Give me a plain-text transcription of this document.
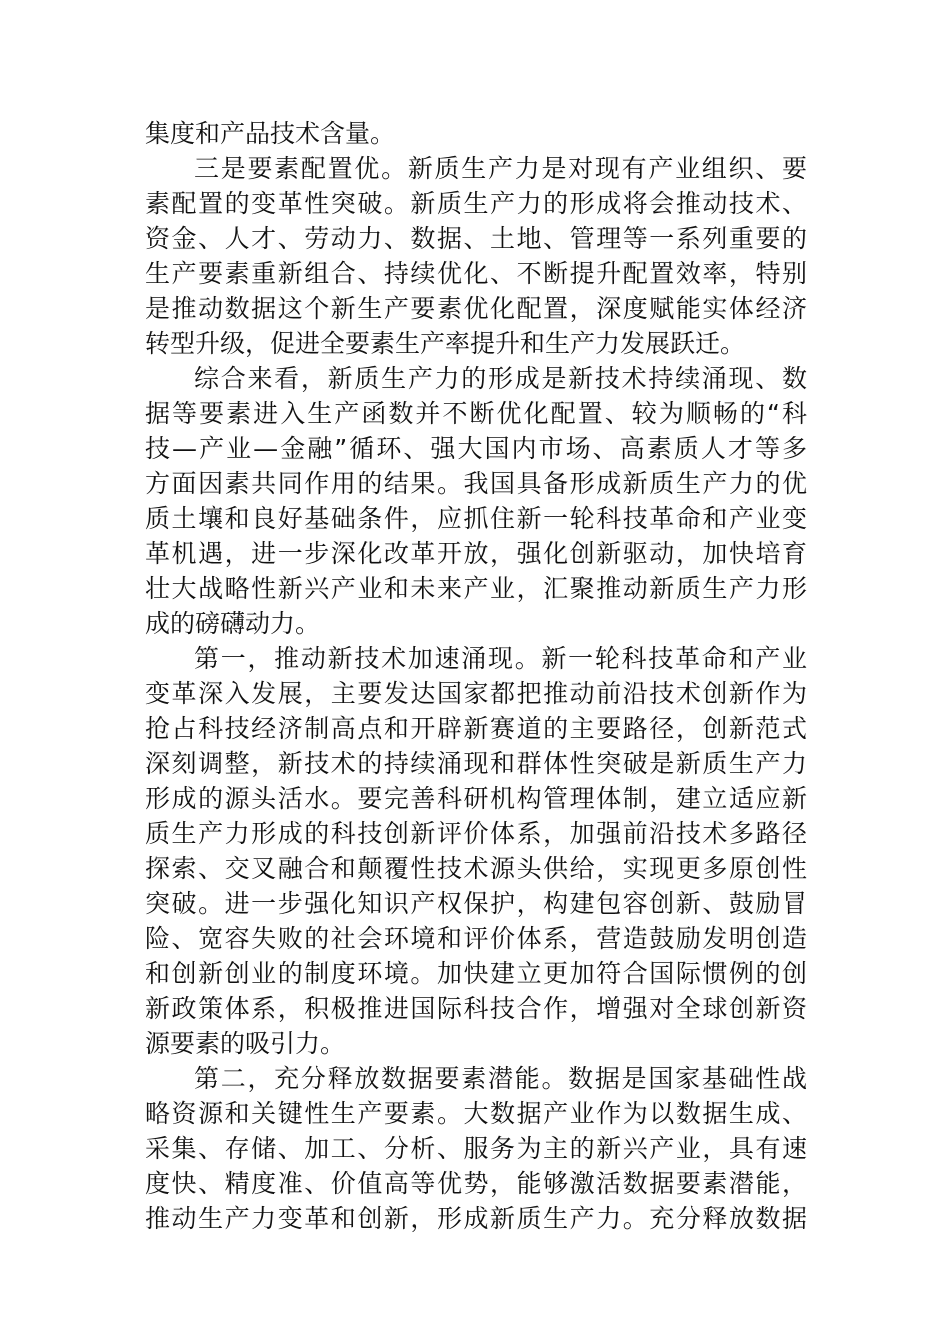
集度和产品技术含量。
三是要素配置优。新质生产力是对现有产业组织、要
素配置的变革性突破。新质生产力的形成将会推动技术、
资金、人才、劳动力、数据、土地、管理等一系列重要的
生产要素重新组合、持续优化、不断提升配置效率，特别
是推动数据这个新生产要素优化配置，深度赋能实体经济
转型升级，促进全要素生产率提升和生产力发展跃迁。
综合来看，新质生产力的形成是新技术持续涌现、数
据等要素进入生产函数并不断优化配置、较为顺畅的“科
技—产业—金融”循环、强大国内市场、高素质人才等多
方面因素共同作用的结果。我国具备形成新质生产力的优
质土壤和良好基础条件，应抓住新一轮科技革命和产业变
革机遇，进一步深化改革开放，强化创新驱动，加快培育
壮大战略性新兴产业和未来产业，汇聚推动新质生产力形
成的磅礴动力。
第一，推动新技术加速涌现。新一轮科技革命和产业
变革深入发展，主要发达国家都把推动前沿技术创新作为
抢占科技经济制高点和开辟新赛道的主要路径，创新范式
深刻调整，新技术的持续涌现和群体性突破是新质生产力
形成的源头活水。要完善科研机构管理体制，建立适应新
质生产力形成的科技创新评价体系，加强前沿技术多路径
探索、交叉融合和颠覆性技术源头供给，实现更多原创性
突破。进一步强化知识产权保护，构建包容创新、鼓励冒
险、宽容失败的社会环境和评价体系，营造鼓励发明创造
和创新创业的制度环境。加快建立更加符合国际惯例的创
新政策体系，积极推进国际科技合作，增强对全球创新资
源要素的吸引力。
第二，充分释放数据要素潜能。数据是国家基础性战
略资源和关键性生产要素。大数据产业作为以数据生成、
采集、存储、加工、分析、服务为主的新兴产业，具有速
度快、精度准、价值高等优势，能够激活数据要素潜能，
推动生产力变革和创新，形成新质生产力。充分释放数据
